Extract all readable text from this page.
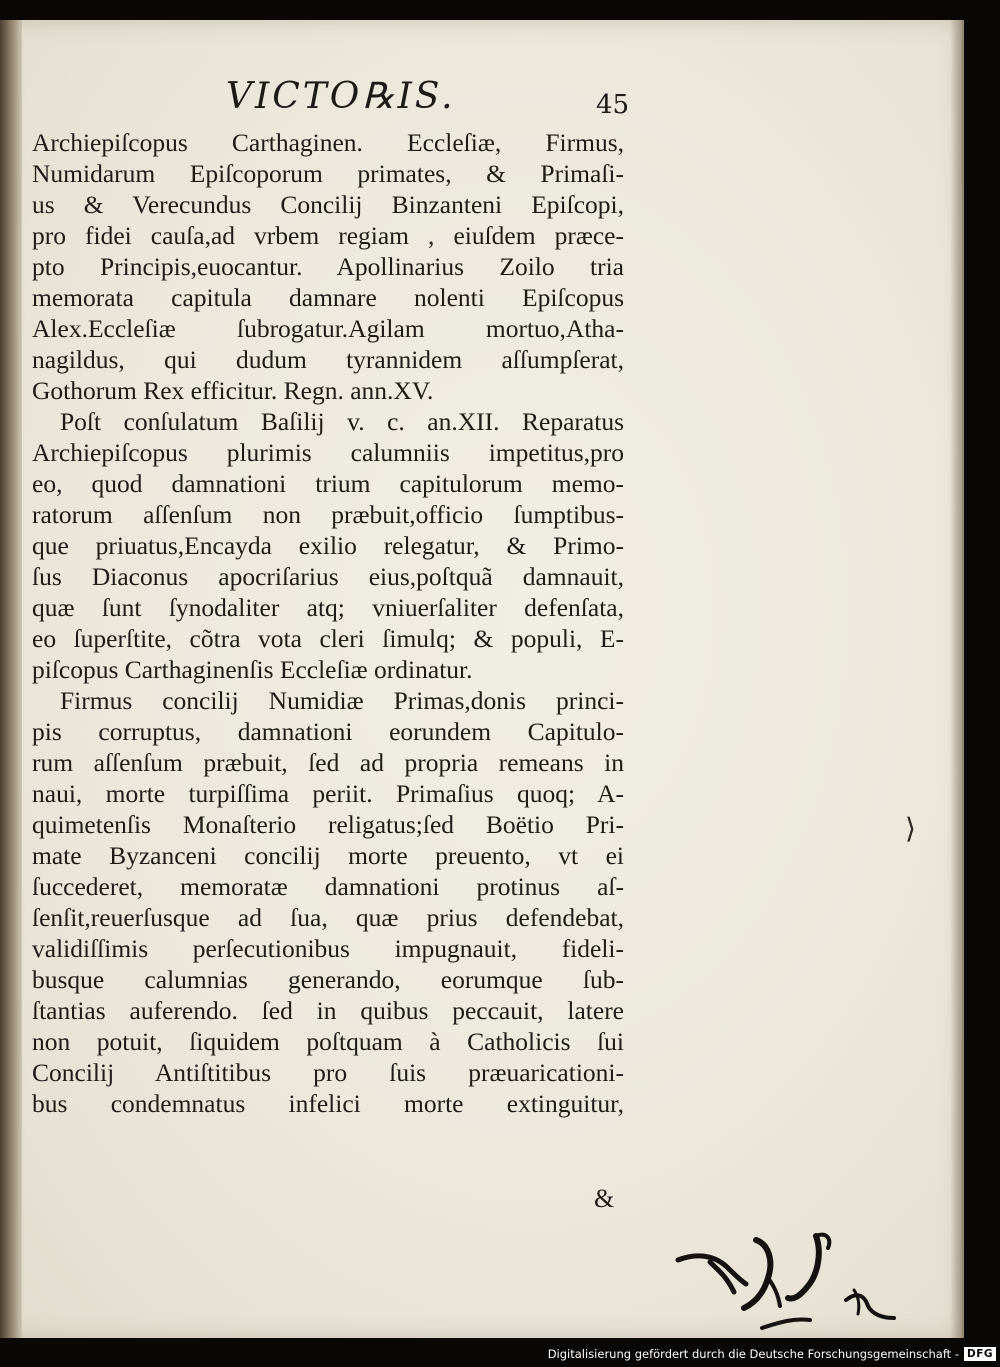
VICTO℞IS.	45
Archiepiſcopus Carthaginen. Eccleſiæ, Firmus,
Numidarum Epiſcoporum primates, & Primaſi-
us & Verecundus Concilij Binzanteni Epiſcopi,
pro fidei cauſa,ad vrbem regiam , eiuſdem præce-
pto Principis,euocantur. Apollinarius Zoilo tria
memorata capitula damnare nolenti Epiſcopus
Alex.Eccleſiæ ſubrogatur.Agilam mortuo,Atha-
nagildus, qui dudum tyrannidem aſſumpſerat,
Gothorum Rex efficitur. Regn. ann.XV.
Poſt conſulatum Baſilij v. c. an.XII. Reparatus
Archiepiſcopus plurimis calumniis impetitus,pro
eo, quod damnationi trium capitulorum memo-
ratorum aſſenſum non præbuit,officio ſumptibus-
que priuatus,Encayda exilio relegatur, & Primo-
ſus Diaconus apocriſarius eius,poſtquã damnauit,
quæ ſunt ſynodaliter atq; vniuerſaliter defenſata,
eo ſuperſtite, cõtra vota cleri ſimulq; & populi, E-
piſcopus Carthaginenſis Eccleſiæ ordinatur.
Firmus concilij Numidiæ Primas,donis princi-
pis corruptus, damnationi eorundem Capitulo-
rum aſſenſum præbuit, ſed ad propria remeans in
naui, morte turpiſſima periit. Primaſius quoq; A-
quimetenſis Monaſterio religatus;ſed Boëtio Pri-
mate Byzanceni concilij morte preuento, vt ei
ſuccederet, memoratæ damnationi protinus aſ-
ſenſit,reuerſusque ad ſua, quæ prius defendebat,
validiſſimis perſecutionibus impugnauit, fideli-
busque calumnias generando, eorumque ſub-
ſtantias auferendo. ſed in quibus peccauit, latere
non potuit, ſiquidem poſtquam à Catholicis ſui
Concilij Antiſtitibus pro ſuis præuaricationi-
bus condemnatus infelici morte extinguitur,
&
⟩
Digitalisierung gefördert durch die Deutsche Forschungsgemeinschaft - DFG
